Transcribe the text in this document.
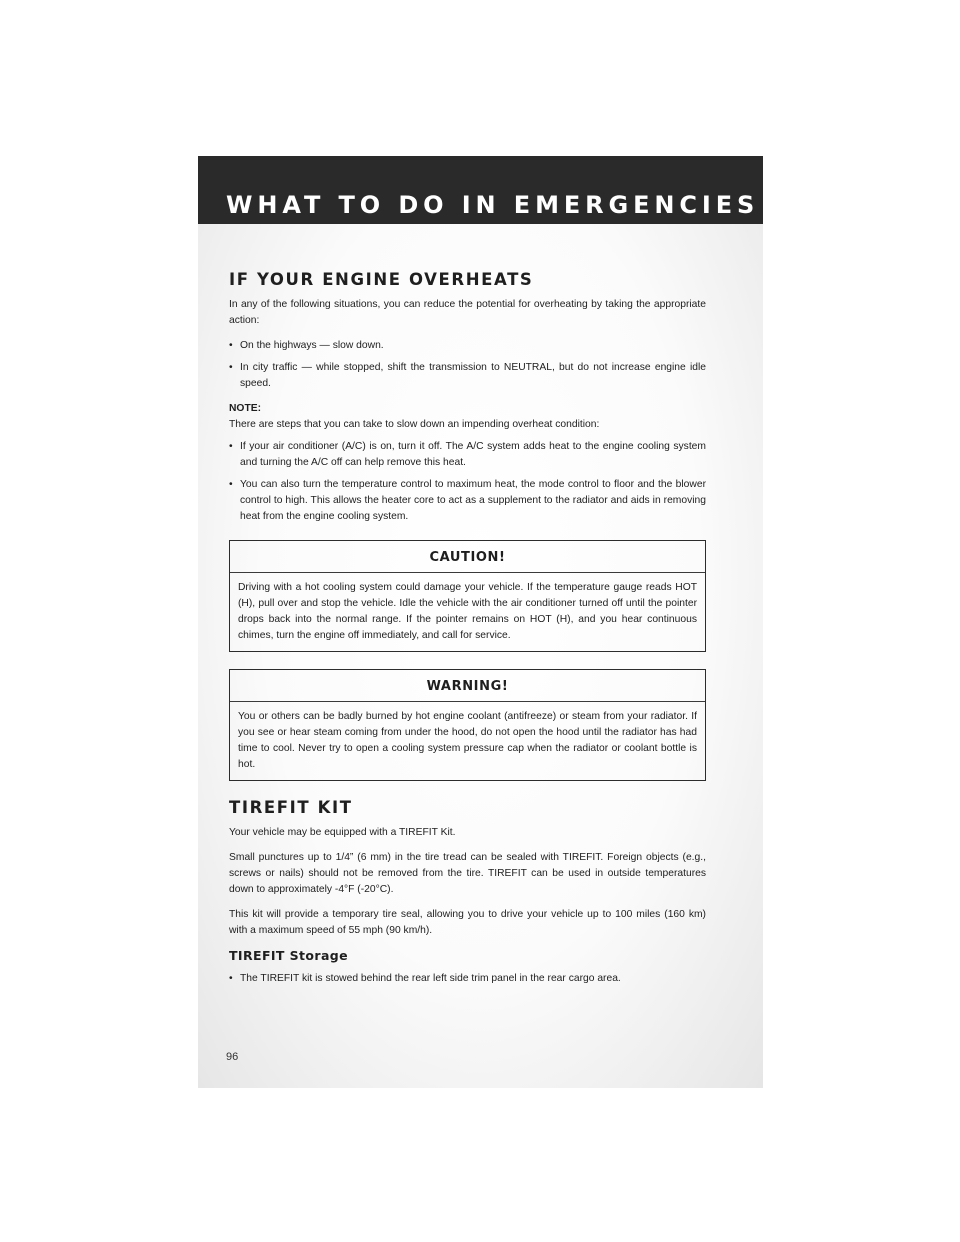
WHAT TO DO IN EMERGENCIES
IF YOUR ENGINE OVERHEATS

In any of the following situations, you can reduce the potential for overheating by taking the appropriate action:

• On the highways — slow down.
• In city traffic — while stopped, shift the transmission to NEUTRAL, but do not increase engine idle speed.
NOTE:

There are steps that you can take to slow down an impending overheat condition:

• If your air conditioner (A/C) is on, turn it off. The A/C system adds heat to the engine cooling system and turning the A/C off can help remove this heat.
• You can also turn the temperature control to maximum heat, the mode control to floor and the blower control to high. This allows the heater core to act as a supplement to the radiator and aids in removing heat from the engine cooling system.
CAUTION!

Driving with a hot cooling system could damage your vehicle. If the temperature gauge reads HOT (H), pull over and stop the vehicle. Idle the vehicle with the air conditioner turned off until the pointer drops back into the normal range. If the pointer remains on HOT (H), and you hear continuous chimes, turn the engine off immediately, and call for service.

WARNING!

You or others can be badly burned by hot engine coolant (antifreeze) or steam from your radiator. If you see or hear steam coming from under the hood, do not open the hood until the radiator has had time to cool. Never try to open a cooling system pressure cap when the radiator or coolant bottle is hot.

TIREFIT KIT

Your vehicle may be equipped with a TIREFIT Kit.

Small punctures up to 1/4” (6 mm) in the tire tread can be sealed with TIREFIT. Foreign objects (e.g., screws or nails) should not be removed from the tire. TIREFIT can be used in outside temperatures down to approximately -4°F (-20°C).

This kit will provide a temporary tire seal, allowing you to drive your vehicle up to 100 miles (160 km) with a maximum speed of 55 mph (90 km/h).

TIREFIT Storage
• The TIREFIT kit is stowed behind the rear left side trim panel in the rear cargo area.
96
